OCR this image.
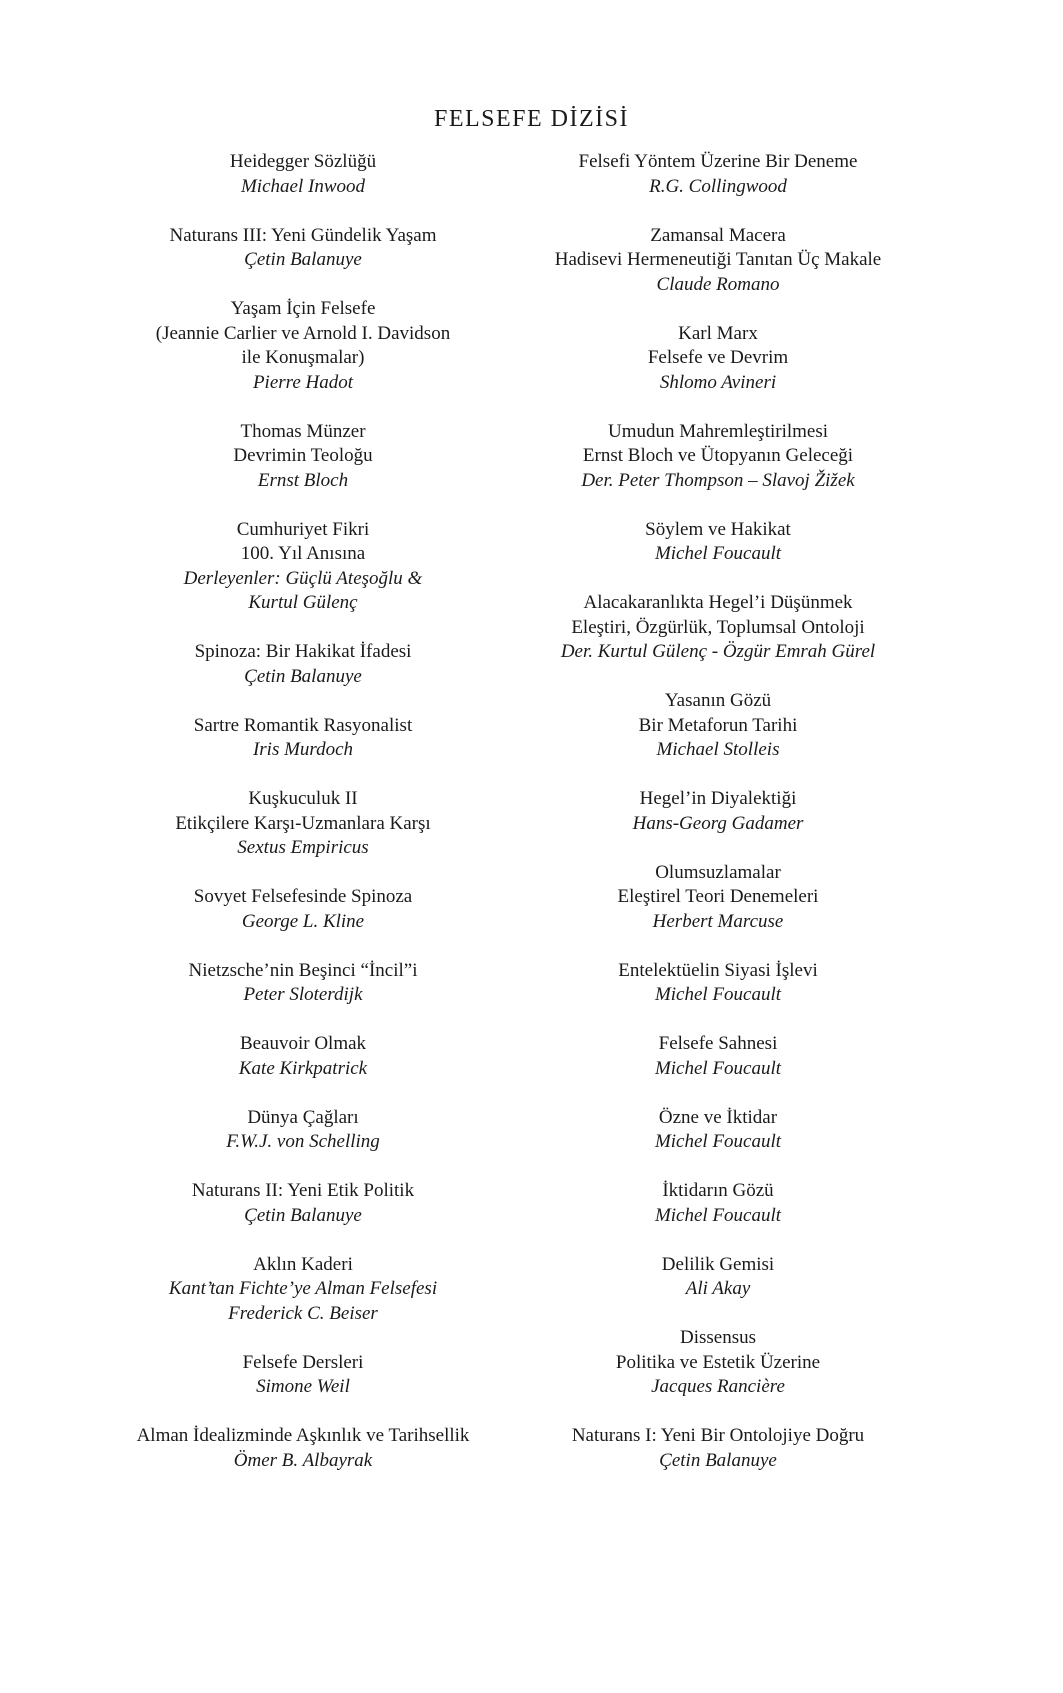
FELSEFE DİZİSİ
Heidegger Sözlüğü
Michael Inwood
Naturans III: Yeni Gündelik Yaşam
Çetin Balanuye
Yaşam İçin Felsefe
(Jeannie Carlier ve Arnold I. Davidson
ile Konuşmalar)
Pierre Hadot
Thomas Münzer
Devrimin Teoloğu
Ernst Bloch
Cumhuriyet Fikri
100. Yıl Anısına
Derleyenler: Güçlü Ateşoğlu &
Kurtul Gülenç
Spinoza: Bir Hakikat İfadesi
Çetin Balanuye
Sartre Romantik Rasyonalist
Iris Murdoch
Kuşkuculuk II
Etikçilere Karşı-Uzmanlara Karşı
Sextus Empiricus
Sovyet Felsefesinde Spinoza
George L. Kline
Nietzsche’nin Beşinci “İncil”i
Peter Sloterdijk
Beauvoir Olmak
Kate Kirkpatrick
Dünya Çağları
F.W.J. von Schelling
Naturans II: Yeni Etik Politik
Çetin Balanuye
Aklın Kaderi
Kant’tan Fichte’ye Alman Felsefesi
Frederick C. Beiser
Felsefe Dersleri
Simone Weil
Alman İdealizminde Aşkınlık ve Tarihsellik
Ömer B. Albayrak
Felsefi Yöntem Üzerine Bir Deneme
R.G. Collingwood
Zamansal Macera
Hadisevi Hermeneutiği Tanıtan Üç Makale
Claude Romano
Karl Marx
Felsefe ve Devrim
Shlomo Avineri
Umudun Mahremleştirilmesi
Ernst Bloch ve Ütopyanın Geleceği
Der. Peter Thompson – Slavoj Žižek
Söylem ve Hakikat
Michel Foucault
Alacakaranlıkta Hegel’i Düşünmek
Eleştiri, Özgürlük, Toplumsal Ontoloji
Der. Kurtul Gülenç - Özgür Emrah Gürel
Yasanın Gözü
Bir Metaforun Tarihi
Michael Stolleis
Hegel’in Diyalektiği
Hans-Georg Gadamer
Olumsuzlamalar
Eleştirel Teori Denemeleri
Herbert Marcuse
Entelektüelin Siyasi İşlevi
Michel Foucault
Felsefe Sahnesi
Michel Foucault
Özne ve İktidar
Michel Foucault
İktidarın Gözü
Michel Foucault
Delilik Gemisi
Ali Akay
Dissensus
Politika ve Estetik Üzerine
Jacques Rancière
Naturans I: Yeni Bir Ontolojiye Doğru
Çetin Balanuye
